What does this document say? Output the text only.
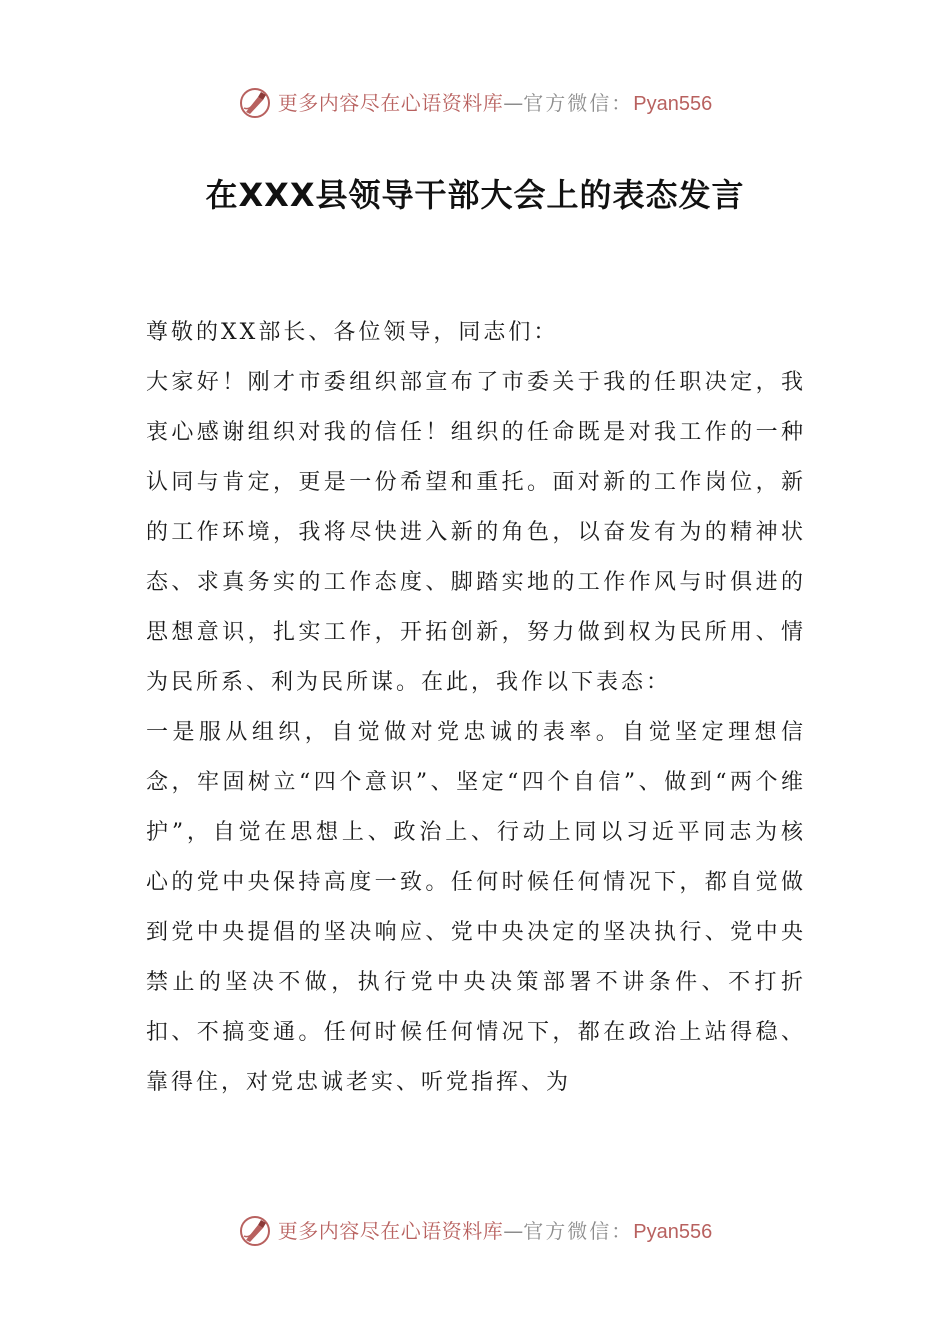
更多内容尽在心语资料库 — 官方微信： Pyan556
在XXX县领导干部大会上的表态发言

尊敬的XX部长、各位领导，同志们：

大家好！刚才市委组织部宣布了市委关于我的任职决定，我衷心感谢组织对我的信任！组织的任命既是对我工作的一种认同与肯定，更是一份希望和重托。面对新的工作岗位，新的工作环境，我将尽快进入新的角色，以奋发有为的精神状态、求真务实的工作态度、脚踏实地的工作作风与时俱进的思想意识，扎实工作，开拓创新，努力做到权为民所用、情为民所系、利为民所谋。在此，我作以下表态：

一是服从组织，自觉做对党忠诚的表率。自觉坚定理想信念，牢固树立“四个意识”、坚定“四个自信”、做到“两个维护”，自觉在思想上、政治上、行动上同以习近平同志为核心的党中央保持高度一致。任何时候任何情况下，都自觉做到党中央提倡的坚决响应、党中央决定的坚决执行、党中央禁止的坚决不做，执行党中央决策部署不讲条件、不打折扣、不搞变通。任何时候任何情况下，都在政治上站得稳、靠得住，对党忠诚老实、听党指挥、为

更多内容尽在心语资料库 — 官方微信： Pyan556
